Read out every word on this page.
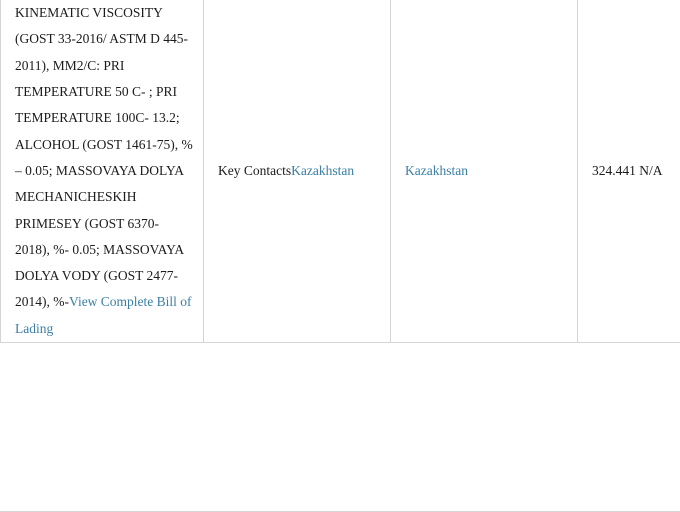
KINEMATIC VISCOSITY (GOST 33-2016/ ASTM D 445-2011), MM2/C: PRI TEMPERATURE 50 C- ; PRI TEMPERATURE 100C- 13.2; ALCOHOL (GOST 1461-75), % – 0.05; MASSOVAYA DOLYA MECHANICHESKIH PRIMESEY (GOST 6370-2018), %- 0.05; MASSOVAYA DOLYA VODY (GOST 2477-2014), %-View Complete Bill of Lading	Key ContactsKazakhstan	Kazakhstan	324.441 N/A
